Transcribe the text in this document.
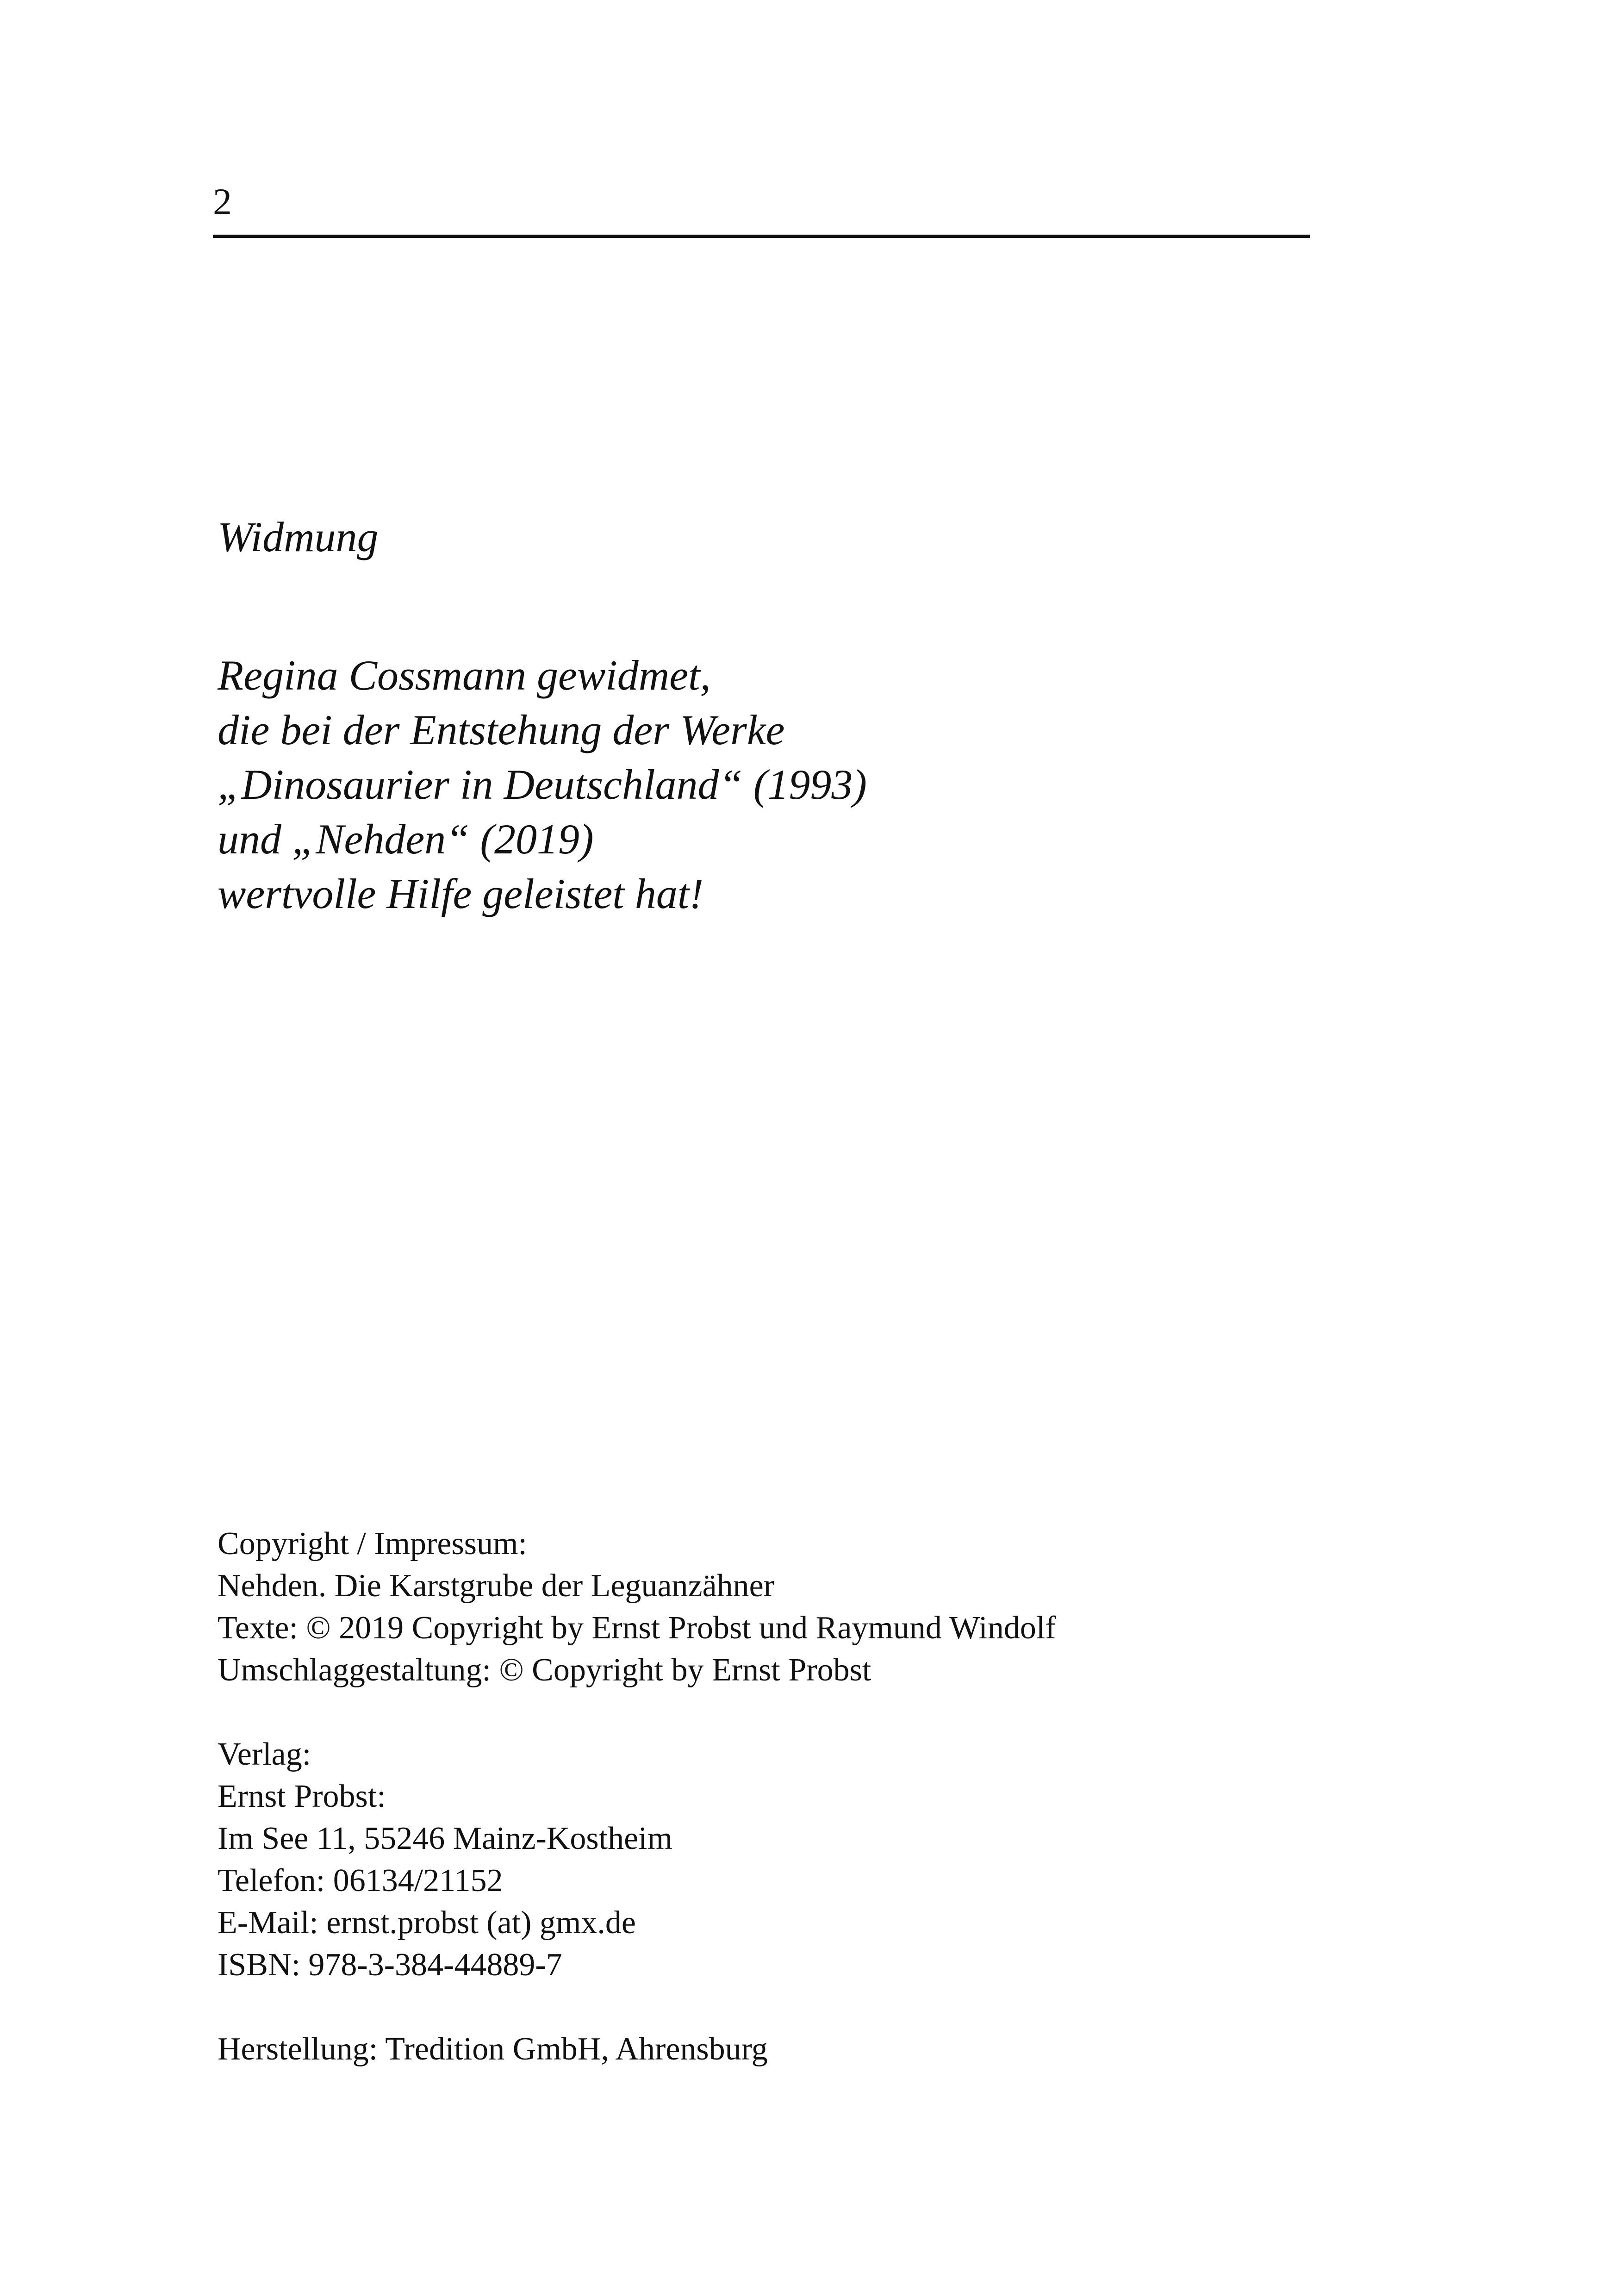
2
Widmung
Regina Cossmann gewidmet,
die bei der Entstehung der Werke
„Dinosaurier in Deutschland“ (1993)
und „Nehden“ (2019)
wertvolle Hilfe geleistet hat!
Copyright / Impressum:
Nehden. Die Karstgrube der Leguanzähner
Texte: © 2019 Copyright by Ernst Probst und Raymund Windolf
Umschlaggestaltung: © Copyright by Ernst Probst
Verlag:
Ernst Probst:
Im See 11, 55246 Mainz-Kostheim
Telefon: 06134/21152
E-Mail: ernst.probst (at) gmx.de
ISBN: 978-3-384-44889-7
Herstellung: Tredition GmbH, Ahrensburg
